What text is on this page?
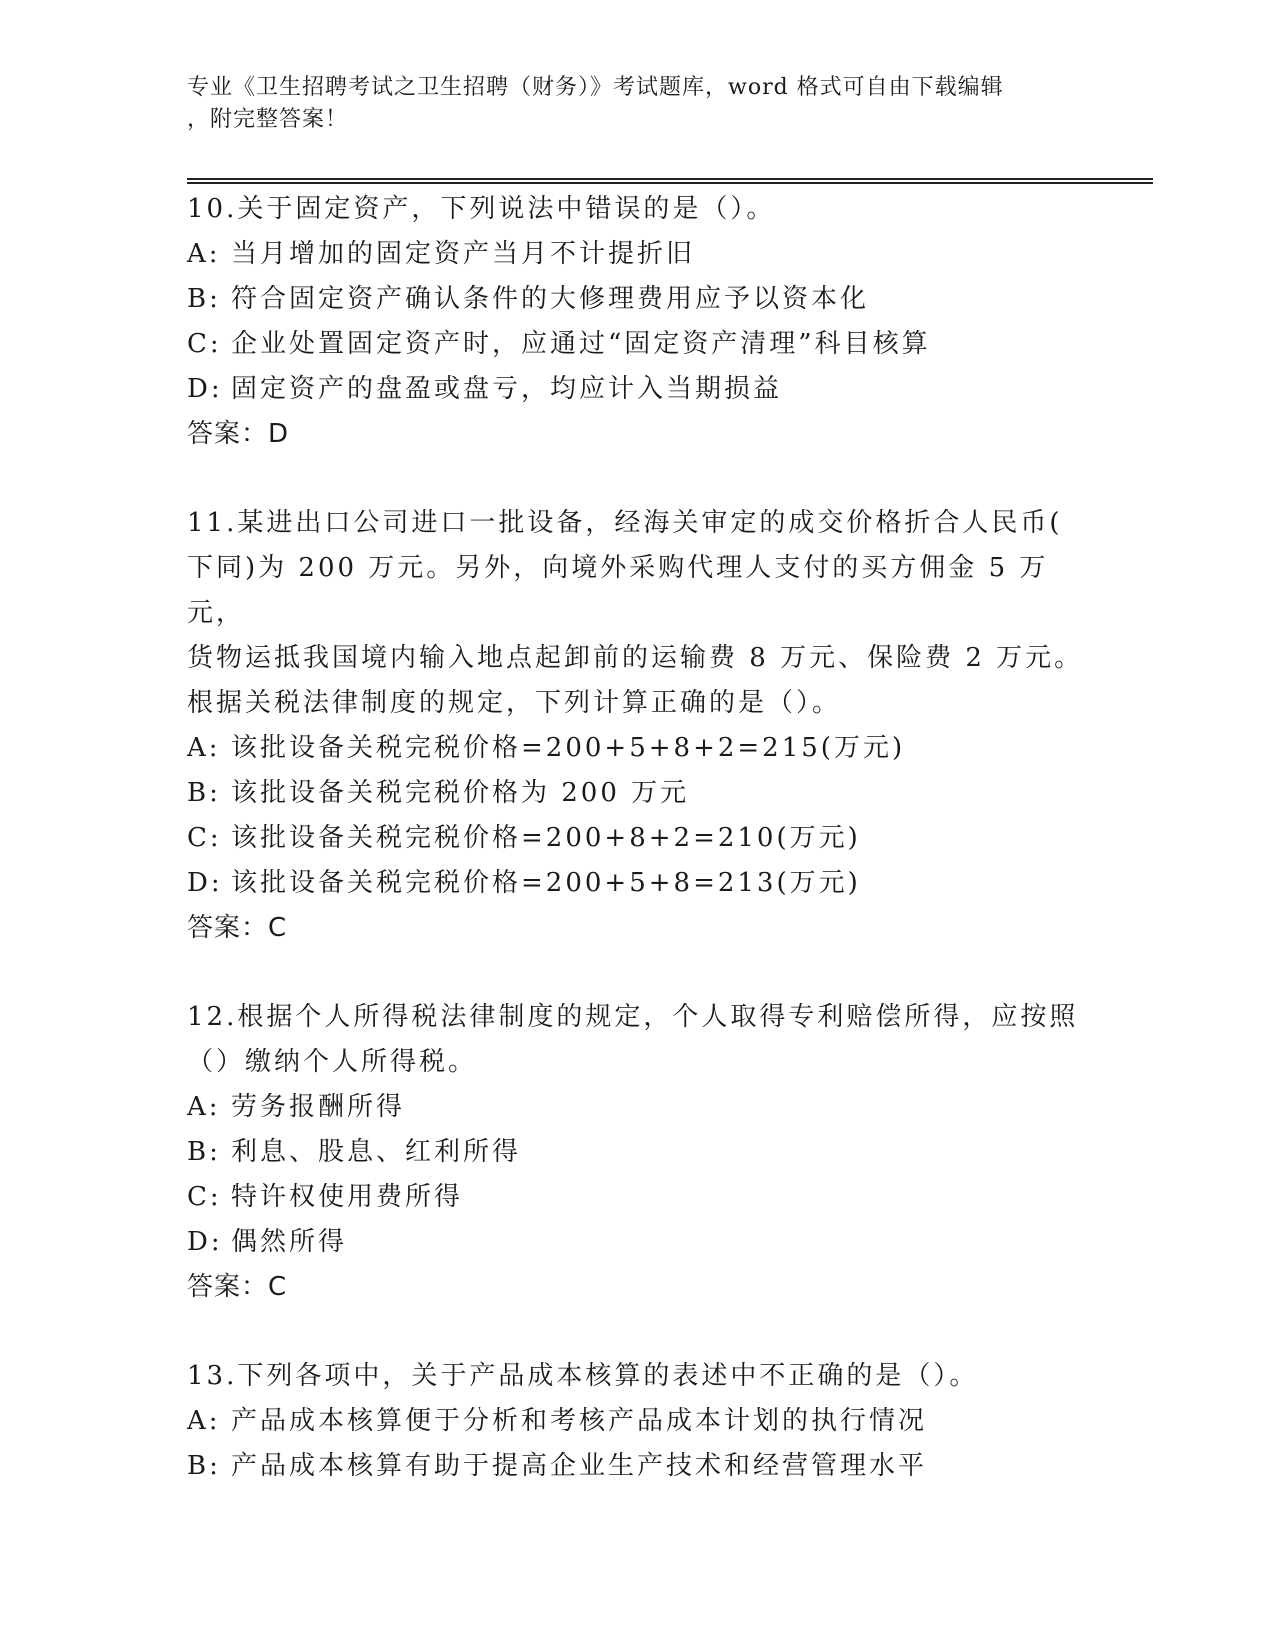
专业《卫生招聘考试之卫生招聘（财务）》考试题库，word 格式可自由下载编辑
，附完整答案！
10.关于固定资产，下列说法中错误的是（）。
A: 当月增加的固定资产当月不计提折旧
B: 符合固定资产确认条件的大修理费用应予以资本化
C: 企业处置固定资产时，应通过“固定资产清理”科目核算
D: 固定资产的盘盈或盘亏，均应计入当期损益
答案：D
11.某进出口公司进口一批设备，经海关审定的成交价格折合人民币(
下同)为 200 万元。另外，向境外采购代理人支付的买方佣金 5 万元，
货物运抵我国境内输入地点起卸前的运输费 8 万元、保险费 2 万元。
根据关税法律制度的规定，下列计算正确的是（）。
A: 该批设备关税完税价格=200+5+8+2=215(万元)
B: 该批设备关税完税价格为 200 万元
C: 该批设备关税完税价格=200+8+2=210(万元)
D: 该批设备关税完税价格=200+5+8=213(万元)
答案：C
12.根据个人所得税法律制度的规定，个人取得专利赔偿所得，应按照
（）缴纳个人所得税。
A: 劳务报酬所得
B: 利息、股息、红利所得
C: 特许权使用费所得
D: 偶然所得
答案：C
13.下列各项中，关于产品成本核算的表述中不正确的是（）。
A: 产品成本核算便于分析和考核产品成本计划的执行情况
B: 产品成本核算有助于提高企业生产技术和经营管理水平
